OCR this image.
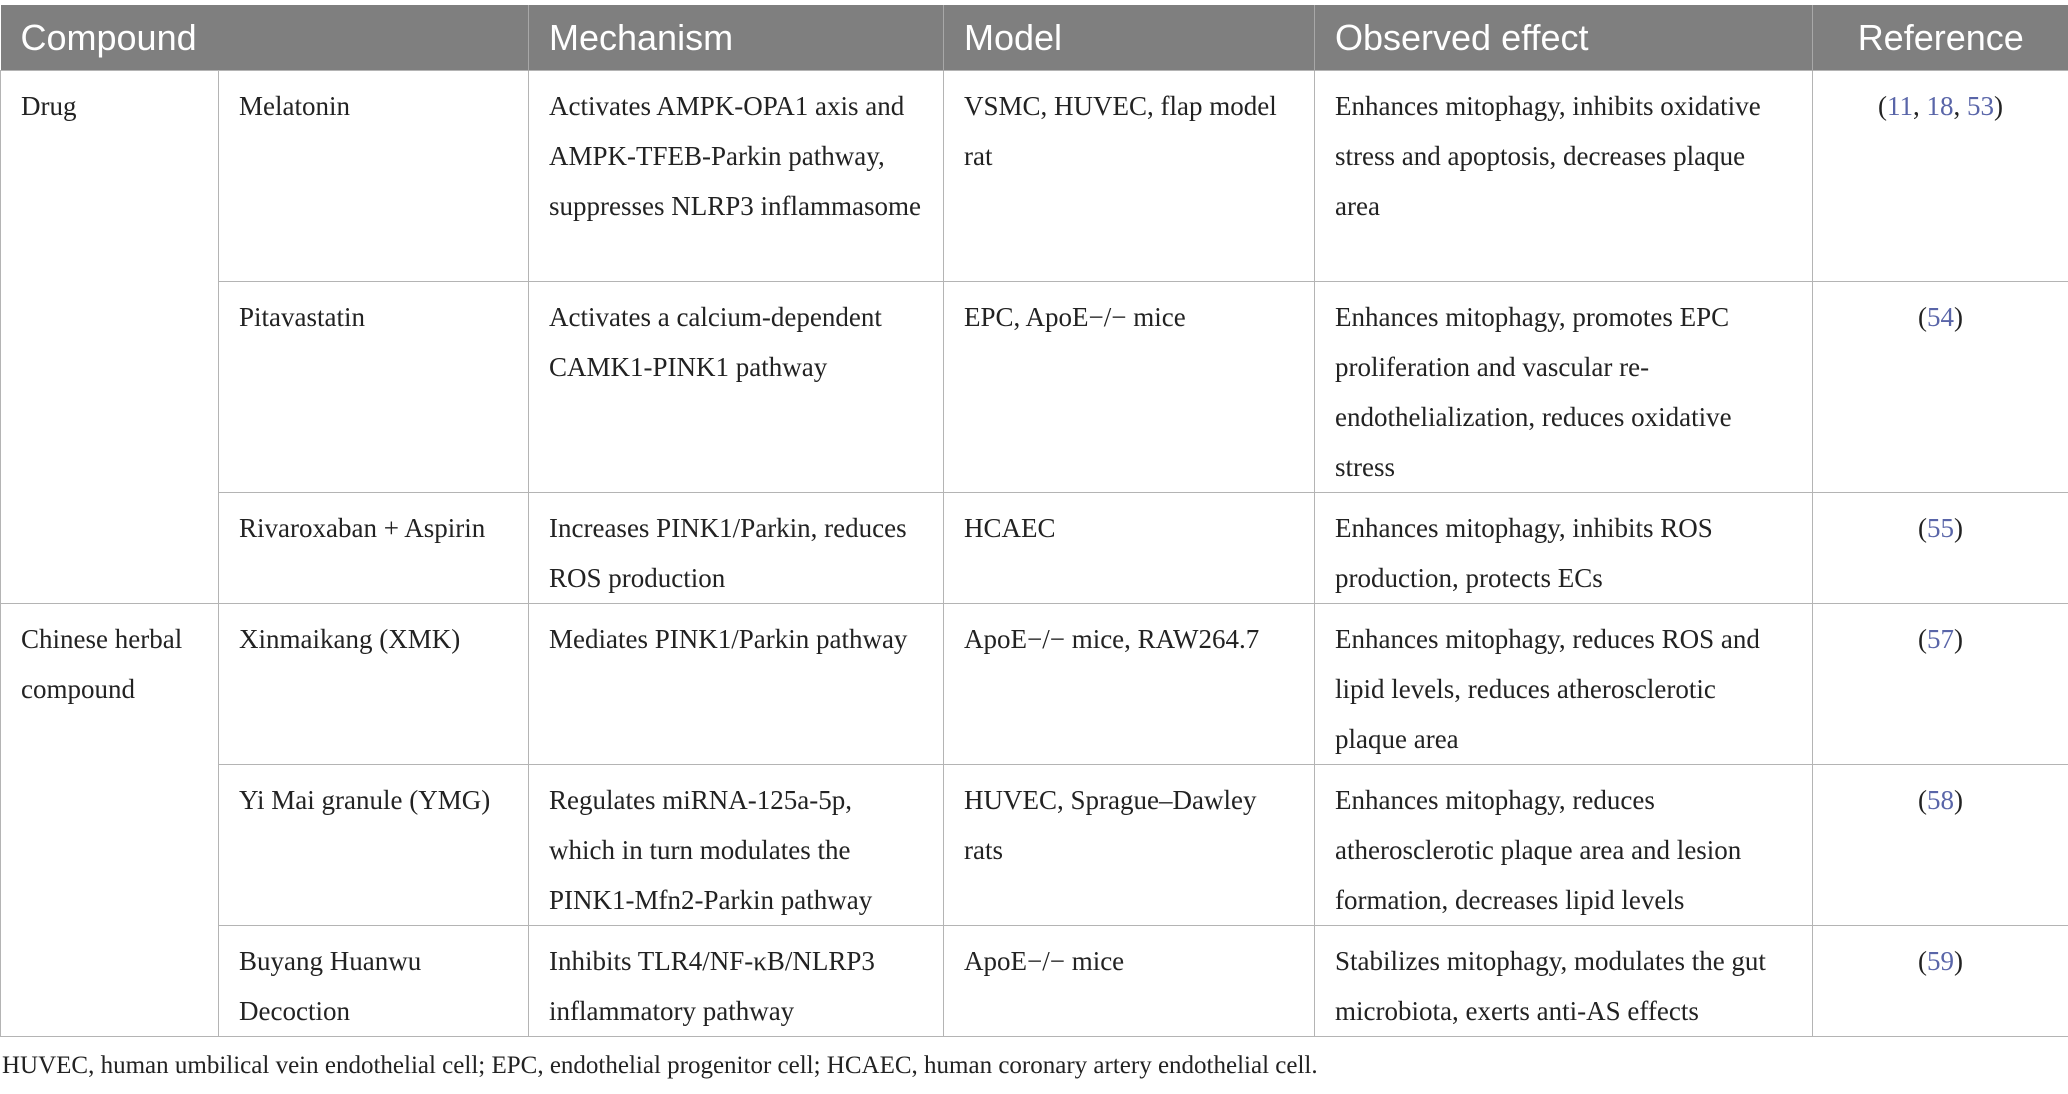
Compound		Mechanism	Model	Observed effect	Reference
Drug	Melatonin	Activates AMPK-OPA1 axis and AMPK-TFEB-Parkin pathway, suppresses NLRP3 inflammasome	VSMC, HUVEC, flap model rat	Enhances mitophagy, inhibits oxidative stress and apoptosis, decreases plaque area	(11, 18, 53)
	Pitavastatin	Activates a calcium-dependent CAMK1-PINK1 pathway	EPC, ApoE−/− mice	Enhances mitophagy, promotes EPC proliferation and vascular re-endothelialization, reduces oxidative stress	(54)
	Rivaroxaban + Aspirin	Increases PINK1/Parkin, reduces ROS production	HCAEC	Enhances mitophagy, inhibits ROS production, protects ECs	(55)
Chinese herbal compound	Xinmaikang (XMK)	Mediates PINK1/Parkin pathway	ApoE−/− mice, RAW264.7	Enhances mitophagy, reduces ROS and lipid levels, reduces atherosclerotic plaque area	(57)
	Yi Mai granule (YMG)	Regulates miRNA-125a-5p, which in turn modulates the PINK1-Mfn2-Parkin pathway	HUVEC, Sprague–Dawley rats	Enhances mitophagy, reduces atherosclerotic plaque area and lesion formation, decreases lipid levels	(58)
	Buyang Huanwu Decoction	Inhibits TLR4/NF-κB/NLRP3 inflammatory pathway	ApoE−/− mice	Stabilizes mitophagy, modulates the gut microbiota, exerts anti-AS effects	(59)
HUVEC, human umbilical vein endothelial cell; EPC, endothelial progenitor cell; HCAEC, human coronary artery endothelial cell.
